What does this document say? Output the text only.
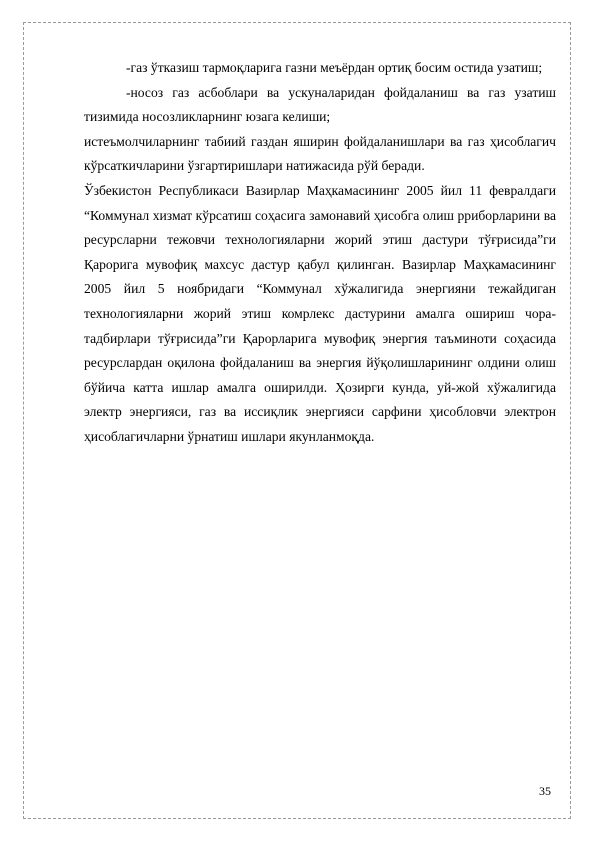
-газ ўтказиш тармоқларига газни меъёрдан ортиқ босим остида узатиш;

-носоз газ асбоблари ва ускуналаридан фойдаланиш ва газ узатиш тизимида носозликларнинг юзага келиши;

истеъмолчиларнинг табиий газдан яширин фойдаланишлари ва газ ҳисоблагич кўрсаткичларини ўзгартиришлари натижасида рўй беради.

Ўзбекистон Республикаси Вазирлар Маҳкамасининг 2005 йил 11 февралдаги “Коммунал хизмат кўрсатиш соҳасига замонавий ҳисобга олиш рриборларини ва ресурсларни тежовчи технологияларни жорий этиш дастури тўғрисида”ги Қарорига мувофиқ махсус дастур қабул қилинган. Вазирлар Маҳкамасининг 2005 йил 5 ноябридаги “Коммунал хўжалигида энергияни тежайдиган технологияларни жорий этиш комрлекс дастурини амалга ошириш чора-тадбирлари тўғрисида”ги Қарорларига мувофиқ энергия таъминоти соҳасида ресурслардан оқилона фойдаланиш ва энергия йўқолишларининг олдини олиш бўйича катта ишлар амалга оширилди. Ҳозирги кунда, уй-жой хўжалигида электр энергияси, газ ва иссиқлик энергияси сарфини ҳисобловчи электрон ҳисоблагичларни ўрнатиш ишлари якунланмоқда.

35
